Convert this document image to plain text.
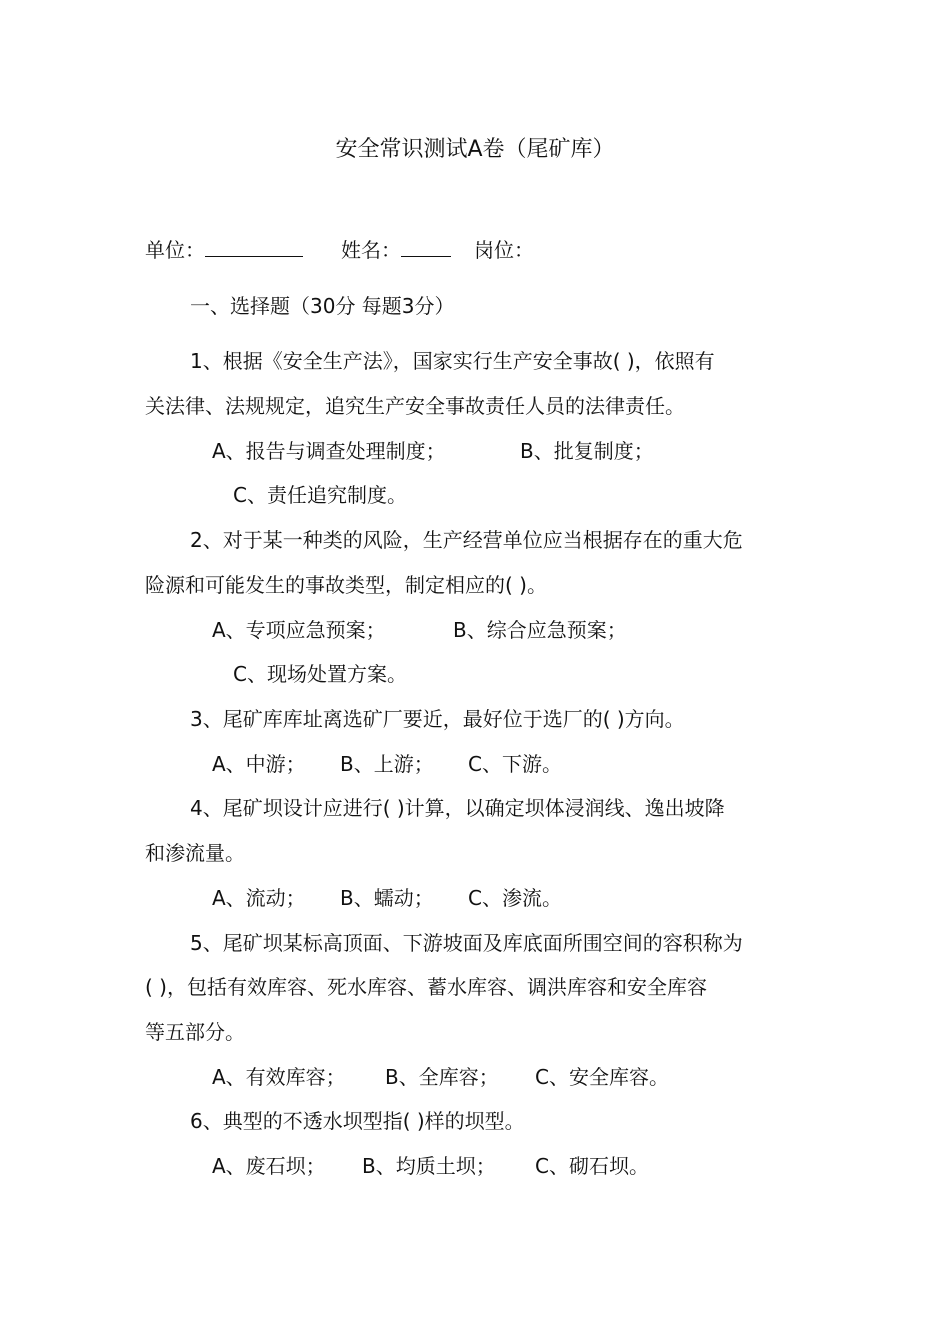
安全常识测试A卷（尾矿库）
单位：	姓名：	岗位：
一、选择题（30分 每题3分）
1、根据《安全生产法》，国家实行生产安全事故( )，依照有
关法律、法规规定，追究生产安全事故责任人员的法律责任。
A、报告与调查处理制度；	B、批复制度；
C、责任追究制度。
2、对于某一种类的风险，生产经营单位应当根据存在的重大危
险源和可能发生的事故类型，制定相应的( )。
A、专项应急预案；	B、综合应急预案；
C、现场处置方案。
3、尾矿库库址离选矿厂要近，最好位于选厂的( )方向。
A、中游； B、上游； C、下游。
4、尾矿坝设计应进行( )计算，以确定坝体浸润线、逸出坡降
和渗流量。
A、流动； B、蠕动； C、渗流。
5、尾矿坝某标高顶面、下游坡面及库底面所围空间的容积称为
( )，包括有效库容、死水库容、蓄水库容、调洪库容和安全库容
等五部分。
A、有效库容； B、全库容； C、安全库容。
6、典型的不透水坝型指( )样的坝型。
A、废石坝； B、均质土坝； C、砌石坝。
